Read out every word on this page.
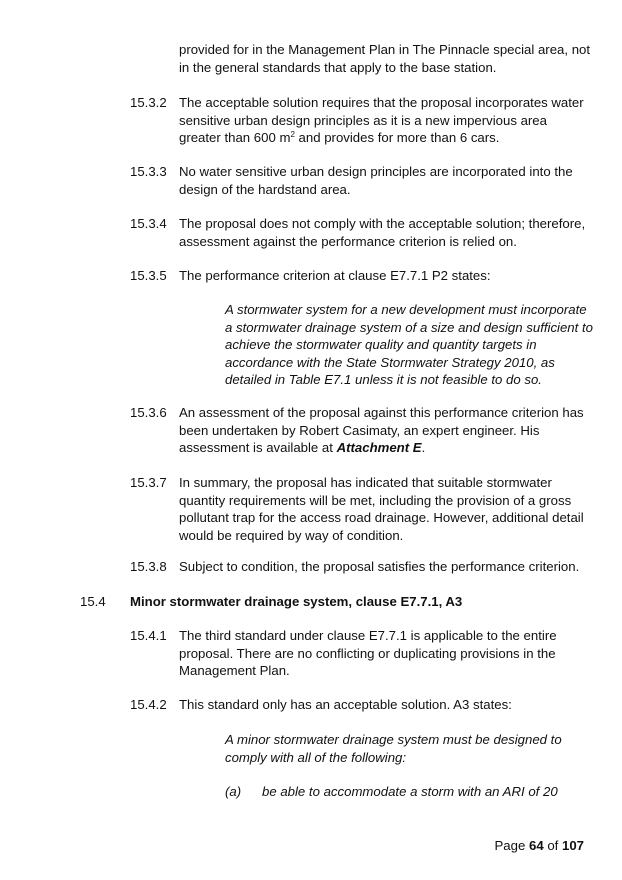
provided for in the Management Plan in The Pinnacle special area, not in the general standards that apply to the base station.
15.3.2 The acceptable solution requires that the proposal incorporates water sensitive urban design principles as it is a new impervious area greater than 600 $m^2$ and provides for more than 6 cars.
15.3.3 No water sensitive urban design principles are incorporated into the design of the hardstand area.
15.3.4 The proposal does not comply with the acceptable solution; therefore, assessment against the performance criterion is relied on.
15.3.5 The performance criterion at clause E7.7.1 P2 states:
A stormwater system for a new development must incorporate a stormwater drainage system of a size and design sufficient to achieve the stormwater quality and quantity targets in accordance with the State Stormwater Strategy 2010, as detailed in Table E7.1 unless it is not feasible to do so.
15.3.6 An assessment of the proposal against this performance criterion has been undertaken by Robert Casimaty, an expert engineer. His assessment is available at Attachment E.
15.3.7 In summary, the proposal has indicated that suitable stormwater quantity requirements will be met, including the provision of a gross pollutant trap for the access road drainage. However, additional detail would be required by way of condition.
15.3.8 Subject to condition, the proposal satisfies the performance criterion.
15.4 Minor stormwater drainage system, clause E7.7.1, A3
15.4.1 The third standard under clause E7.7.1 is applicable to the entire proposal. There are no conflicting or duplicating provisions in the Management Plan.
15.4.2 This standard only has an acceptable solution. A3 states:
A minor stormwater drainage system must be designed to comply with all of the following:
(a) be able to accommodate a storm with an ARI of 20
Page 64 of 107
